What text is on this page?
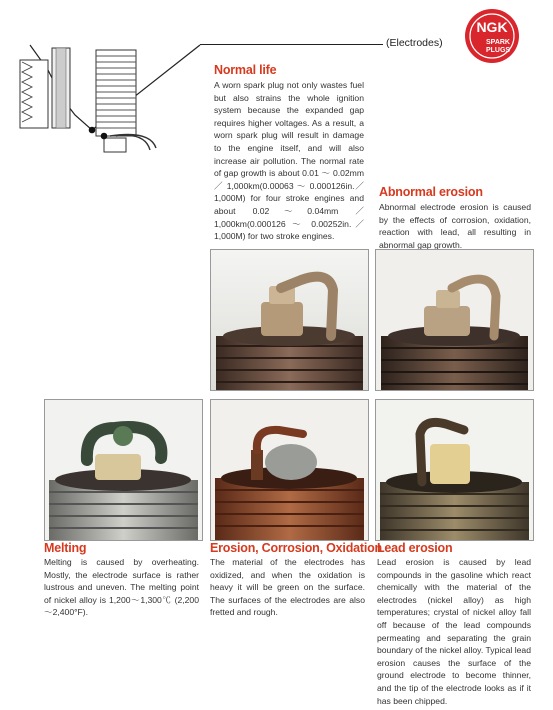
(Electrodes)
NGK
SPARK
PLUGS
Normal life
A worn spark plug not only wastes fuel but also strains the whole ignition system because the expanded gap requires higher voltages. As a result, a worn spark plug will result in damage to the engine itself, and will also increase air pollution. The normal rate of gap growth is about 0.01 ～ 0.02mm ／ 1,000km(0.00063 ～ 0.000126in.／1,000M) for four stroke engines and about 0.02～0.04mm ／ 1,000km(0.000126 ～ 0.00252in.／1,000M) for two stroke engines.
Abnormal erosion
Abnormal electrode erosion is caused by the effects of corrosion, oxidation, reaction with lead, all resulting in abnormal gap growth.
Melting
Melting is caused by overheating. Mostly, the electrode surface is rather lustrous and uneven. The melting point of nickel alloy is 1,200～1,300℃ (2,200～2,400°F).
Erosion, Corrosion, Oxidation
The material of the electrodes has oxidized, and when the oxidation is heavy it will be green on the surface. The surfaces of the electrodes are also fretted and rough.
Lead erosion
Lead erosion is caused by lead compounds in the gasoline which react chemically with the material of the electrodes (nickel alloy) as high temperatures; crystal of nickel alloy fall off because of the lead compounds permeating and separating the grain boundary of the nickel alloy. Typical lead erosion causes the surface of the ground electrode to become thinner, and the tip of the electrode looks as if it has been chipped.
